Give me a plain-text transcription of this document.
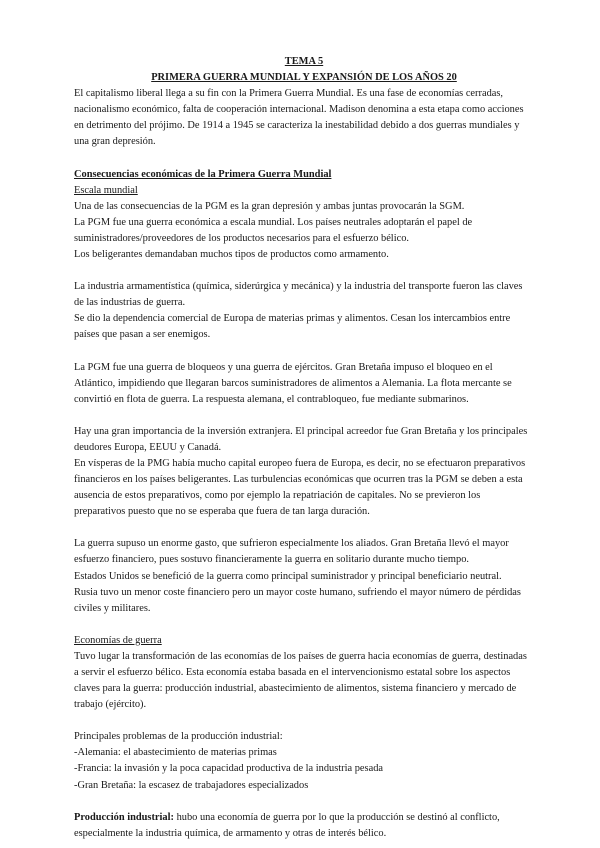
TEMA 5

PRIMERA GUERRA MUNDIAL Y EXPANSIÓN DE LOS AÑOS 20

El capitalismo liberal llega a su fin con la Primera Guerra Mundial. Es una fase de economías cerradas, nacionalismo económico, falta de cooperación internacional. Madison denomina a esta etapa como acciones en detrimento del prójimo. De 1914 a 1945 se caracteriza la inestabilidad debido a dos guerras mundiales y una gran depresión.

Consecuencias económicas de la Primera Guerra Mundial

Escala mundial

Una de las consecuencias de la PGM es la gran depresión y ambas juntas provocarán la SGM.

La PGM fue una guerra económica a escala mundial. Los países neutrales adoptarán el papel de suministradores/proveedores de los productos necesarios para el esfuerzo bélico.

Los beligerantes demandaban muchos tipos de productos como armamento.

La industria armamentística (química, siderúrgica y mecánica) y la industria del transporte fueron las claves de las industrias de guerra.

Se dio la dependencia comercial de Europa de materias primas y alimentos. Cesan los intercambios entre países que pasan a ser enemigos.

La PGM fue una guerra de bloqueos y una guerra de ejércitos. Gran Bretaña impuso el bloqueo en el Atlántico, impidiendo que llegaran barcos suministradores de alimentos a Alemania. La flota mercante se convirtió en flota de guerra. La respuesta alemana, el contrabloqueo, fue mediante submarinos.

Hay una gran importancia de la inversión extranjera. El principal acreedor fue Gran Bretaña y los principales deudores Europa, EEUU y Canadá.

En vísperas de la PMG había mucho capital europeo fuera de Europa, es decir, no se efectuaron preparativos financieros en los países beligerantes. Las turbulencias económicas que ocurren tras la PGM se deben a esta ausencia de estos preparativos, como por ejemplo la repatriación de capitales. No se previeron los preparativos puesto que no se esperaba que fuera de tan larga duración.

La guerra supuso un enorme gasto, que sufrieron especialmente los aliados. Gran Bretaña llevó el mayor esfuerzo financiero, pues sostuvo financieramente la guerra en solitario durante mucho tiempo.

Estados Unidos se benefició de la guerra como principal suministrador y principal beneficiario neutral.

Rusia tuvo un menor coste financiero pero un mayor coste humano, sufriendo el mayor número de pérdidas civiles y militares.

Economías de guerra

Tuvo lugar la transformación de las economías de los países de guerra hacia economías de guerra, destinadas a servir el esfuerzo bélico. Esta economía estaba basada en el intervencionismo estatal sobre los aspectos claves para la guerra: producción industrial, abastecimiento de alimentos, sistema financiero y mercado de trabajo (ejército).

Principales problemas de la producción industrial:

-Alemania: el abastecimiento de materias primas

-Francia: la invasión y la poca capacidad productiva de la industria pesada

-Gran Bretaña: la escasez de trabajadores especializados

Producción industrial: hubo una economía de guerra por lo que la producción se destinó al conflicto, especialmente la industria química, de armamento y otras de interés bélico.
